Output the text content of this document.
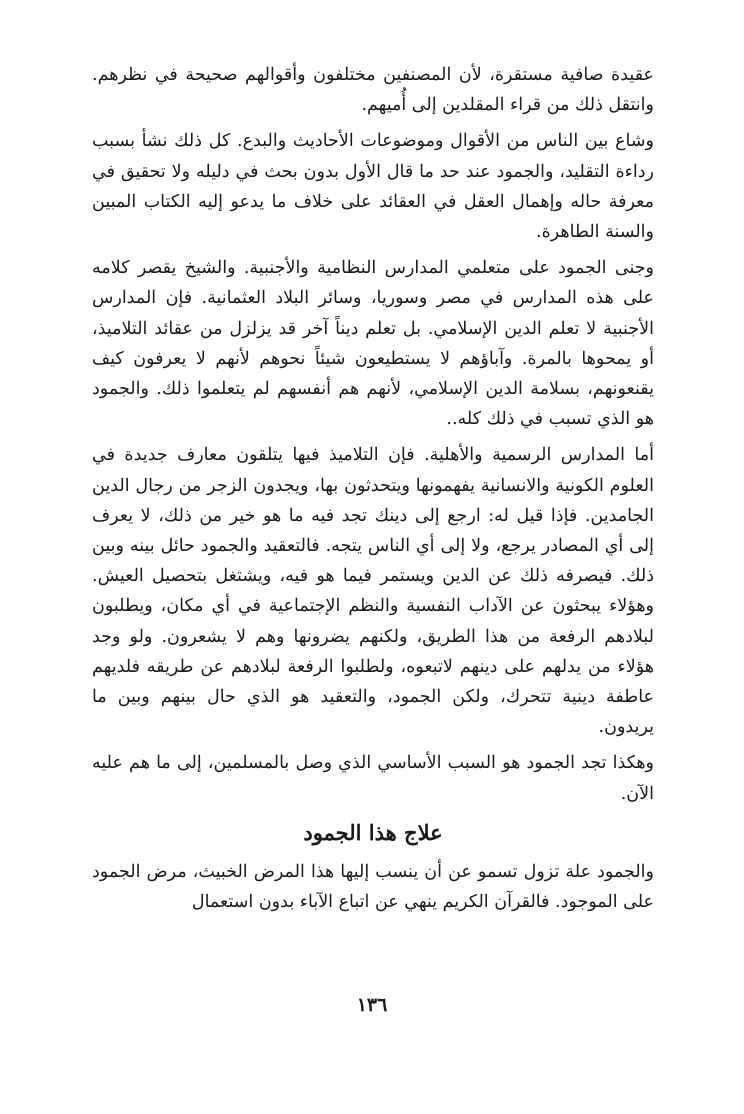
عقيدة صافية مستقرة، لأن المصنفين مختلفون وأقوالهم صحيحة في نظرهم. وانتقل ذلك من قراء المقلدين إلى أُميهم.

وشاع بين الناس من الأقوال وموضوعات الأحاديث والبدع. كل ذلك نشأ بسبب رداءة التقليد، والجمود عند حد ما قال الأول بدون بحث في دليله ولا تحقيق في معرفة حاله وإهمال العقل في العقائد على خلاف ما يدعو إليه الكتاب المبين والسنة الطاهرة.

وجنى الجمود على متعلمي المدارس النظامية والأجنبية. والشيخ يقصر كلامه على هذه المدارس في مصر وسوريا، وسائر البلاد العثمانية. فإن المدارس الأجنبية لا تعلم الدين الإسلامي. بل تعلم ديناً آخر قد يزلزل من عقائد التلاميذ، أو يمحوها بالمرة. وآباؤهم لا يستطيعون شيئاً نحوهم لأنهم لا يعرفون كيف يقنعونهم، بسلامة الدين الإسلامي، لأنهم هم أنفسهم لم يتعلموا ذلك. والجمود هو الذي تسبب في ذلك كله..

أما المدارس الرسمية والأهلية. فإن التلاميذ فيها يتلقون معارف جديدة في العلوم الكونية والانسانية يفهمونها ويتحدثون بها، ويجدون الزجر من رجال الدين الجامدين. فإذا قيل له: ارجع إلى دينك تجد فيه ما هو خير من ذلك، لا يعرف إلى أي المصادر يرجع، ولا إلى أي الناس يتجه. فالتعقيد والجمود حائل بينه وبين ذلك. فيصرفه ذلك عن الدين ويستمر فيما هو فيه، ويشتغل بتحصيل العيش. وهؤلاء يبحثون عن الآداب النفسية والنظم الإجتماعية في أي مكان، ويطلبون لبلادهم الرفعة من هذا الطريق، ولكنهم يضرونها وهم لا يشعرون. ولو وجد هؤلاء من يدلهم على دينهم لاتبعوه، ولطلبوا الرفعة لبلادهم عن طريقه فلديهم عاطفة دينية تتحرك، ولكن الجمود، والتعقيد هو الذي حال بينهم وبين ما يريدون.

وهكذا تجد الجمود هو السبب الأساسي الذي وصل بالمسلمين، إلى ما هم عليه الآن.

علاج هذا الجمود

والجمود علة تزول تسمو عن أن ينسب إليها هذا المرض الخبيث، مرض الجمود على الموجود. فالقرآن الكريم ينهي عن اتباع الآباء بدون استعمال

١٣٦
